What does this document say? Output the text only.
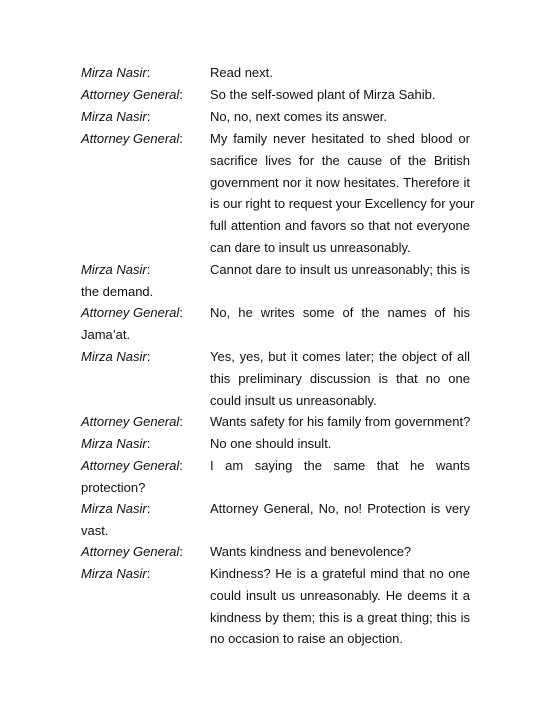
Mirza Nasir:	Read next.
Attorney General: So the self-sowed plant of Mirza Sahib.
Mirza Nasir:	No, no, next comes its answer.
Attorney General: My family never hesitated to shed blood or
sacrifice lives for the cause of the British
government nor it now hesitates. Therefore it
is our right to request your Excellency for your
full attention and favors so that not everyone
can dare to insult us unreasonably.
Mirza Nasir:	Cannot dare to insult us unreasonably; this is
the demand.
Attorney General: No, he writes some of the names of his
Jama’at.
Mirza Nasir:	Yes, yes, but it comes later; the object of all
this preliminary discussion is that no one
could insult us unreasonably.
Attorney General: Wants safety for his family from government?
Mirza Nasir:	No one should insult.
Attorney General: I am saying the same that he wants
protection?
Mirza Nasir:	Attorney General, No, no! Protection is very
vast.
Attorney General: Wants kindness and benevolence?
Mirza Nasir:	Kindness? He is a grateful mind that no one
could insult us unreasonably. He deems it a
kindness by them; this is a great thing; this is
no occasion to raise an objection.
